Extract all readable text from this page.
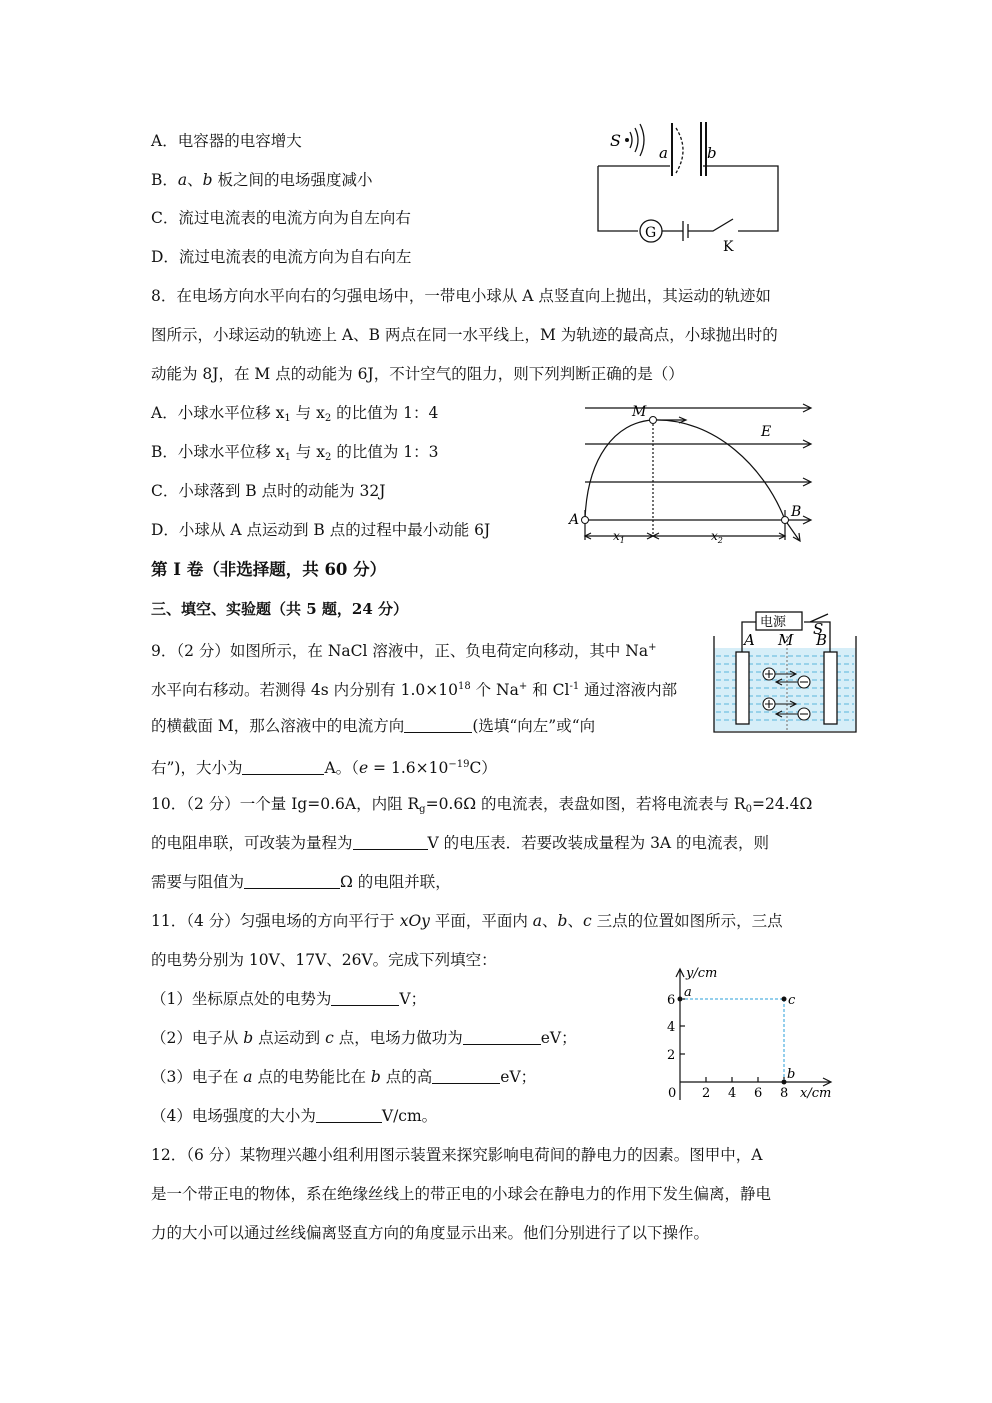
A．电容器的电容增大
B．a、b 板之间的电场强度减小
C．流过电流表的电流方向为自左向右
D．流过电流表的电流方向为自右向左
S
a	b
G
K
8．在电场方向水平向右的匀强电场中，一带电小球从 A 点竖直向上抛出，其运动的轨迹如
图所示，小球运动的轨迹上 A、B 两点在同一水平线上，M 为轨迹的最高点，小球抛出时的
动能为 8J，在 M 点的动能为 6J，不计空气的阻力，则下列判断正确的是（）
A．小球水平位移 $x_1$ 与 $x_2$ 的比值为 1：4
B．小球水平位移 $x_1$ 与 $x_2$ 的比值为 1：3
C．小球落到 B 点时的动能为 32J
D．小球从 A 点运动到 B 点的过程中最小动能 6J
M
E
A	B
$x_1$	$x_2$
第 I 卷（非选择题，共 60 分）
三、填空、实验题（共 5 题，24 分）
9．（2 分）如图所示，在 NaCl 溶液中，正、负电荷定向移动，其中 Na+
水平向右移动。若测得 4s 内分别有 $1.0\times 10^{18}$ 个 Na+ 和 $Cl^{-1}$ 通过溶液内部
的横截面 M，那么溶液中的电流方向	(选填“向左”或“向
右”)，大小为	A。$(e = 1.6\times 10^{-19}C)$
电源 S
A M B
10．（2 分）一个量 Ig=0.6A，内阻 $R_g=0.6\Omega$ 的电流表，表盘如图，若将电流表与 $R_0=24.4\Omega$
的电阻串联，可改装为量程为	V 的电压表．若要改装成量程为 3A 的电流表，则
需要与阻值为	Ω 的电阻并联，
11．（4 分）匀强电场的方向平行于 xOy 平面，平面内 a、b、c 三点的位置如图所示，三点
的电势分别为 10V、17V、26V。完成下列填空：
（1）坐标原点处的电势为	V；
（2）电子从 b 点运动到 c 点，电场力做功为	eV；
（3）电子在 a 点的电势能比在 b 点的高	eV；
（4）电场强度的大小为	V/cm。
y/cm
x/cm
0 2 4 6 8
2
4
6
a
c
b
12．（6 分）某物理兴趣小组利用图示装置来探究影响电荷间的静电力的因素。图甲中，A
是一个带正电的物体，系在绝缘丝线上的带正电的小球会在静电力的作用下发生偏离，静电
力的大小可以通过丝线偏离竖直方向的角度显示出来。他们分别进行了以下操作。
